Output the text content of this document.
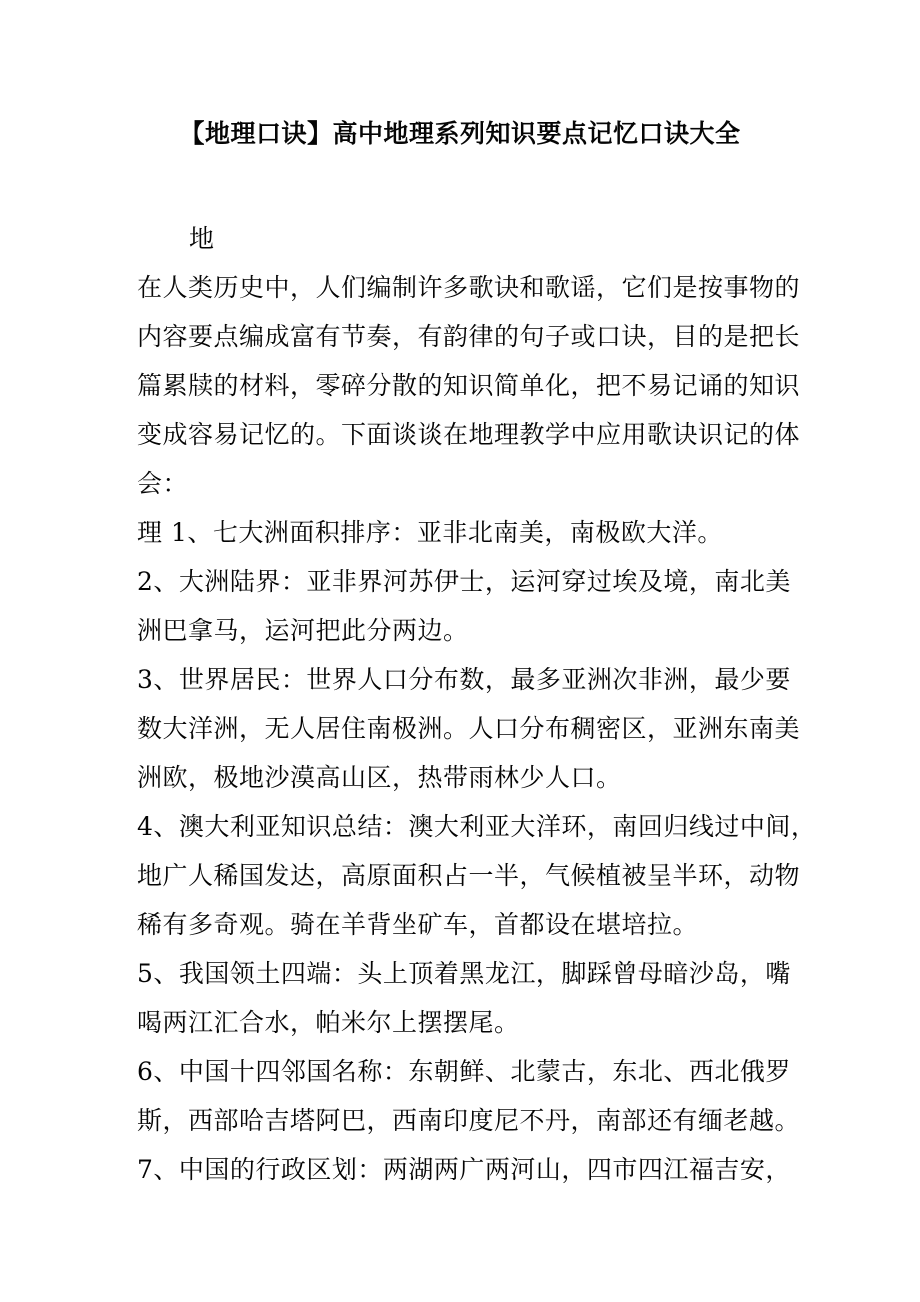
【地理口诀】高中地理系列知识要点记忆口诀大全
地
在人类历史中，人们编制许多歌诀和歌谣，它们是按事物的
内容要点编成富有节奏，有韵律的句子或口诀，目的是把长
篇累牍的材料，零碎分散的知识简单化，把不易记诵的知识
变成容易记忆的。下面谈谈在地理教学中应用歌诀识记的体
会：
理 1、七大洲面积排序：亚非北南美，南极欧大洋。
2、大洲陆界：亚非界河苏伊士，运河穿过埃及境，南北美
洲巴拿马，运河把此分两边。
3、世界居民：世界人口分布数，最多亚洲次非洲，最少要
数大洋洲，无人居住南极洲。人口分布稠密区，亚洲东南美
洲欧，极地沙漠高山区，热带雨林少人口。
4、澳大利亚知识总结：澳大利亚大洋环，南回归线过中间，
地广人稀国发达，高原面积占一半，气候植被呈半环，动物
稀有多奇观。骑在羊背坐矿车，首都设在堪培拉。
5、我国领土四端：头上顶着黑龙江，脚踩曾母暗沙岛，嘴
喝两江汇合水，帕米尔上摆摆尾。
6、中国十四邻国名称：东朝鲜、北蒙古，东北、西北俄罗
斯，西部哈吉塔阿巴，西南印度尼不丹，南部还有缅老越。
7、中国的行政区划：两湖两广两河山，四市四江福吉安，
